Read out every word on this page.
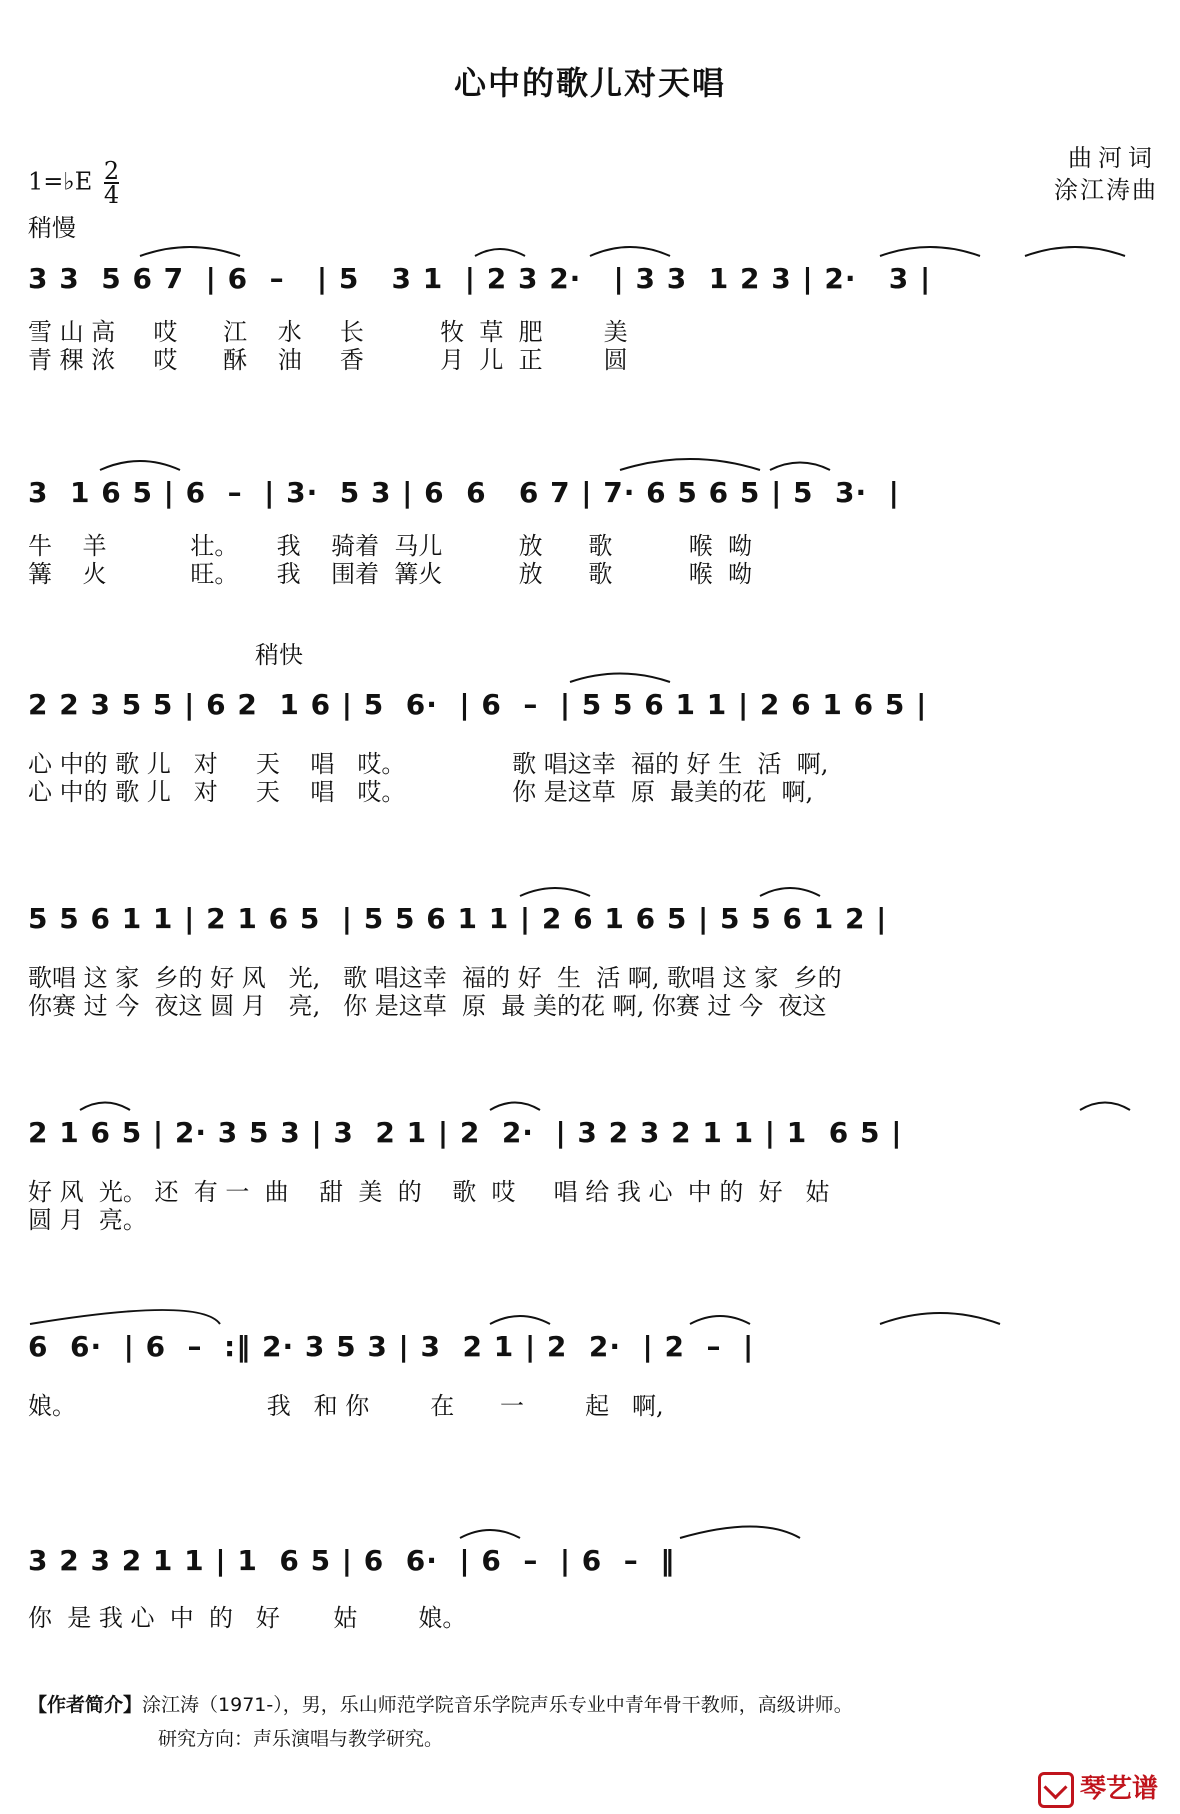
心中的歌儿对天唱
1=♭E $\frac{2}{4}$
稍慢
曲河词
涂江涛曲
稍快
3 3  5 6 7  | 6  –   | 5   3 1  | 2 3 2·   | 3 3  1 2 3 | 2·   3 |
雪 山 高     哎      江    水     长          牧  草  肥        美
青 稞 浓     哎      酥    油     香          月  儿  正        圆
3  1 6 5 | 6  –  | 3·  5 3 | 6  6   6 7 | 7· 6 5 6 5 | 5  3·  |
牛    羊           壮。     我    骑着  马儿          放      歌          喉  呦
篝    火           旺。     我    围着  篝火          放      歌          喉  呦
2 2 3 5 5 | 6 2  1 6 | 5  6·  | 6  –  | 5 5 6 1 1 | 2 6 1 6 5 |
心 中的 歌 儿   对     天    唱   哎。              歌 唱这幸  福的 好 生  活  啊,
心 中的 歌 儿   对     天    唱   哎。              你 是这草  原  最美的花  啊,
5 5 6 1 1 | 2 1 6 5  | 5 5 6 1 1 | 2 6 1 6 5 | 5 5 6 1 2 |
歌唱 这 家  乡的 好 风   光,   歌 唱这幸  福的 好  生  活 啊, 歌唱 这 家  乡的
你赛 过 今  夜这 圆 月   亮,   你 是这草  原  最 美的花 啊, 你赛 过 今  夜这
2 1 6 5 | 2· 3 5 3 | 3  2 1 | 2  2·  | 3 2 3 2 1 1 | 1  6 5 |
好 风  光。 还  有 一  曲    甜  美  的    歌  哎     唱 给 我 心  中 的  好   姑
圆 月  亮。
6  6·  | 6  –  :‖ 2· 3 5 3 | 3  2 1 | 2  2·  | 2  –  |
娘。                         我   和 你        在      一        起   啊,
3 2 3 2 1 1 | 1  6 5 | 6  6·  | 6  –  | 6  –  ‖
你  是 我 心  中  的   好       姑        娘。
【作者简介】涂江涛（1971-），男，乐山师范学院音乐学院声乐专业中青年骨干教师，高级讲师。
研究方向：声乐演唱与教学研究。
琴艺谱
